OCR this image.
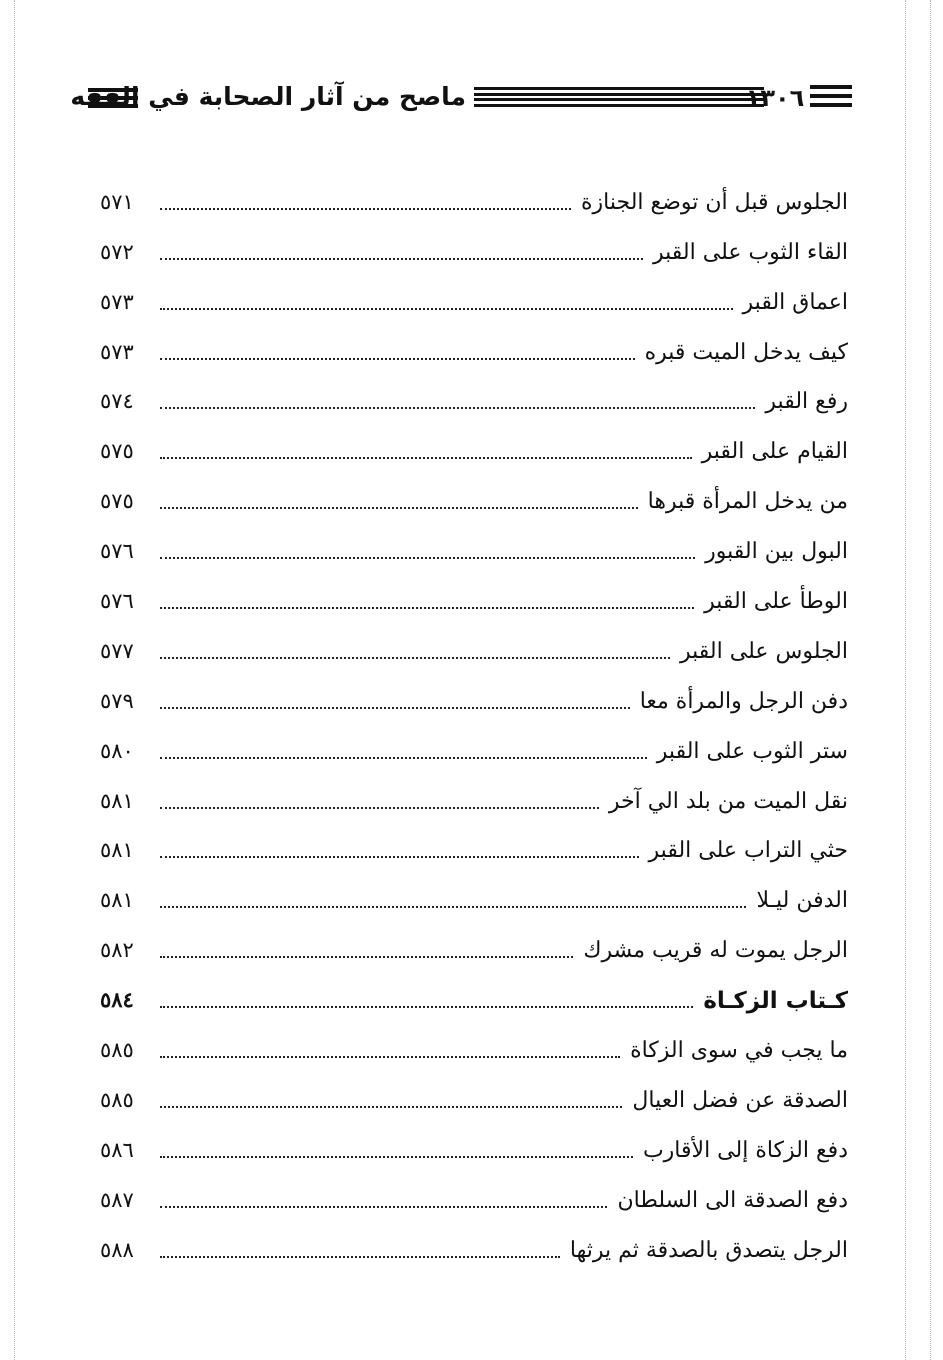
ماصح من آثار الصحابة في الفقه	١٣٠٦
٥٧١	الجلوس قبل أن توضع الجنازة
٥٧٢	القاء الثوب على القبر
٥٧٣	اعماق القبر
٥٧٣	كيف يدخل الميت قبره
٥٧٤	رفع القبر
٥٧٥	القيام على القبر
٥٧٥	من يدخل المرأة قبرها
٥٧٦	البول بين القبور
٥٧٦	الوطأ على القبر
٥٧٧	الجلوس على القبر
٥٧٩	دفن الرجل والمرأة معا
٥٨٠	ستر الثوب على القبر
٥٨١	نقل الميت من بلد الي آخر
٥٨١	حثي التراب على القبر
٥٨١	الدفن ليـلا
٥٨٢	الرجل يموت له قريب مشرك
٥٨٤	كـتاب الزكـاة
٥٨٥	ما يجب في سوى الزكاة
٥٨٥	الصدقة عن فضل العيال
٥٨٦	دفع الزكاة إلى الأقارب
٥٨٧	دفع الصدقة الى السلطان
٥٨٨	الرجل يتصدق بالصدقة ثم يرثها
